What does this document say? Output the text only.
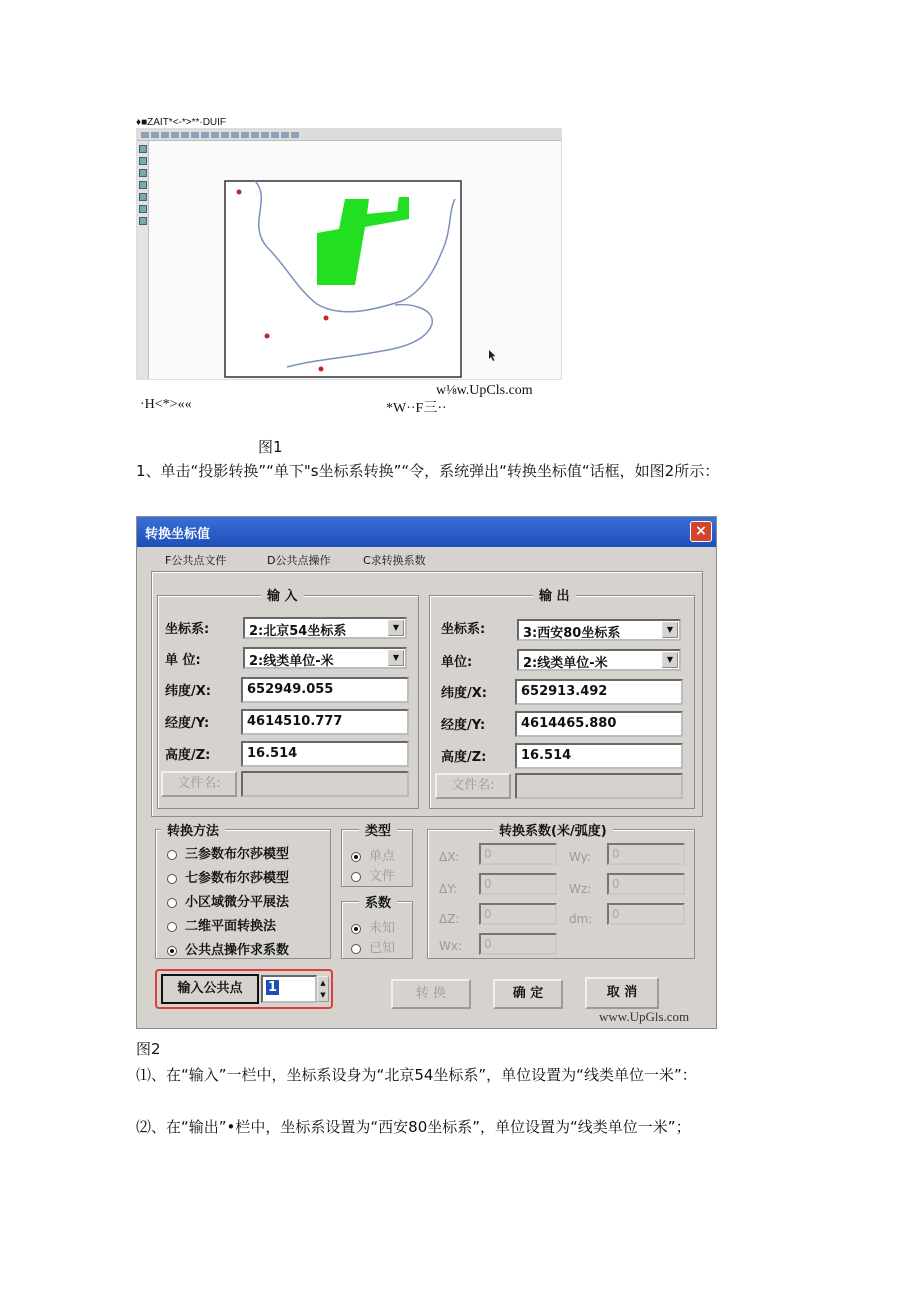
♦■ZAIT*<-*>**·DUIF
w⅛w.UpCls.com
·H<*>««	*W··F三··
图1
1、单击“投影转换”“单下"s坐标系转换”“令，系统弹出“转换坐标值“话框，如图2所示：
转换坐标值	×
F公共点文件	D公共点操作	C求转换系数
输 入
坐标系:	2:北京54坐标系	▼
单 位:	2:线类单位-米	▼
纬度/X:	652949.055
经度/Y:	4614510.777
高度/Z:	16.514
文件名:
输 出
坐标系:	3:西安80坐标系	▼
单位:	2:线类单位-米	▼
纬度/X:	652913.492
经度/Y:	4614465.880
高度/Z:	16.514
文件名:
转换方法
三参数布尔莎模型
七参数布尔莎模型
小区域微分平展法
二维平面转换法
公共点操作求系数
类型
单点
文件
系数
未知
已知
转换系数(米/弧度)
ΔX:	0
ΔY:	0
ΔZ:	0
Wx:	0
Wy:	0
Wz:	0
dm:	0
输入公共点	1	▲
▼	转 换	确 定	取 消
www.UpGls.com
图2
⑴、在“输入”一栏中，坐标系设身为“北京54坐标系”，单位设置为“线类单位一米”：
⑵、在“输出”•栏中，坐标系设置为“西安80坐标系”，单位设置为“线类单位一米”；
